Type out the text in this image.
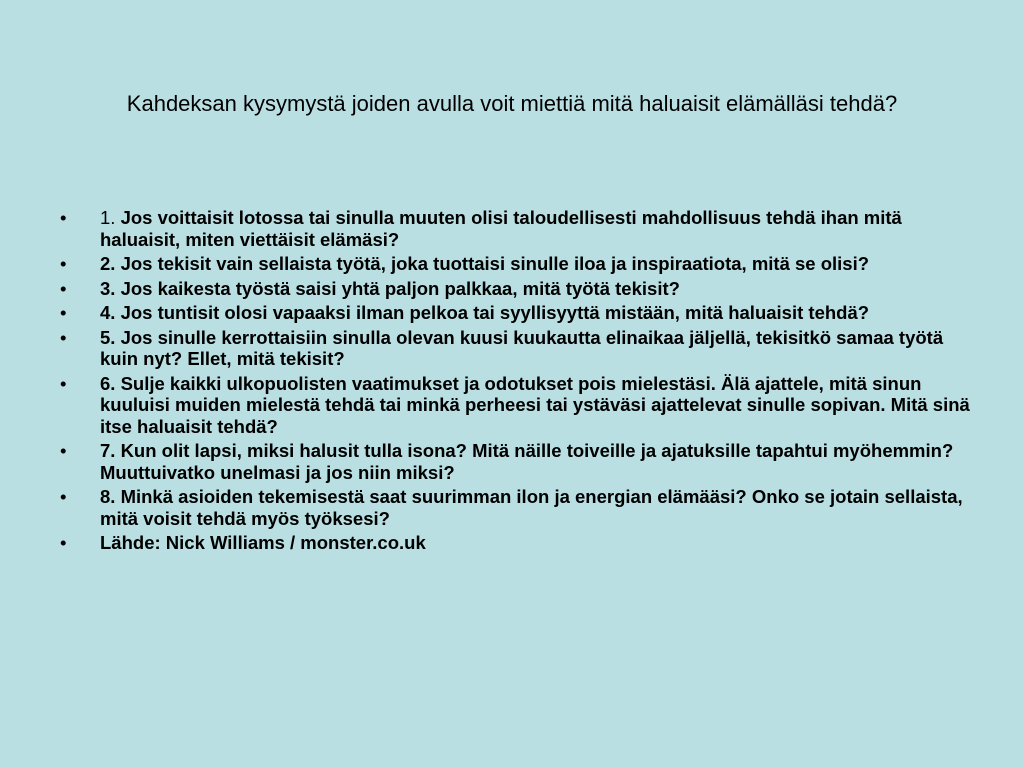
Kahdeksan kysymystä joiden avulla voit miettiä mitä haluaisit elämälläsi tehdä?
• 1. Jos voittaisit lotossa tai sinulla muuten olisi taloudellisesti mahdollisuus tehdä ihan mitä haluaisit, miten viettäisit elämäsi?
• 2. Jos tekisit vain sellaista työtä, joka tuottaisi sinulle iloa ja inspiraatiota, mitä se olisi?
• 3. Jos kaikesta työstä saisi yhtä paljon palkkaa, mitä työtä tekisit?
• 4. Jos tuntisit olosi vapaaksi ilman pelkoa tai syyllisyyttä mistään, mitä haluaisit tehdä?
• 5. Jos sinulle kerrottaisiin sinulla olevan kuusi kuukautta elinaikaa jäljellä, tekisitkö samaa työtä kuin nyt? Ellet, mitä tekisit?
• 6. Sulje kaikki ulkopuolisten vaatimukset ja odotukset pois mielestäsi. Älä ajattele, mitä sinun kuuluisi muiden mielestä tehdä tai minkä perheesi tai ystäväsi ajattelevat sinulle sopivan. Mitä sinä itse haluaisit tehdä?
• 7. Kun olit lapsi, miksi halusit tulla isona? Mitä näille toiveille ja ajatuksille tapahtui myöhemmin? Muuttuivatko unelmasi ja jos niin miksi?
• 8. Minkä asioiden tekemisestä saat suurimman ilon ja energian elämääsi? Onko se jotain sellaista, mitä voisit tehdä myös työksesi?
• Lähde: Nick Williams / monster.co.uk
